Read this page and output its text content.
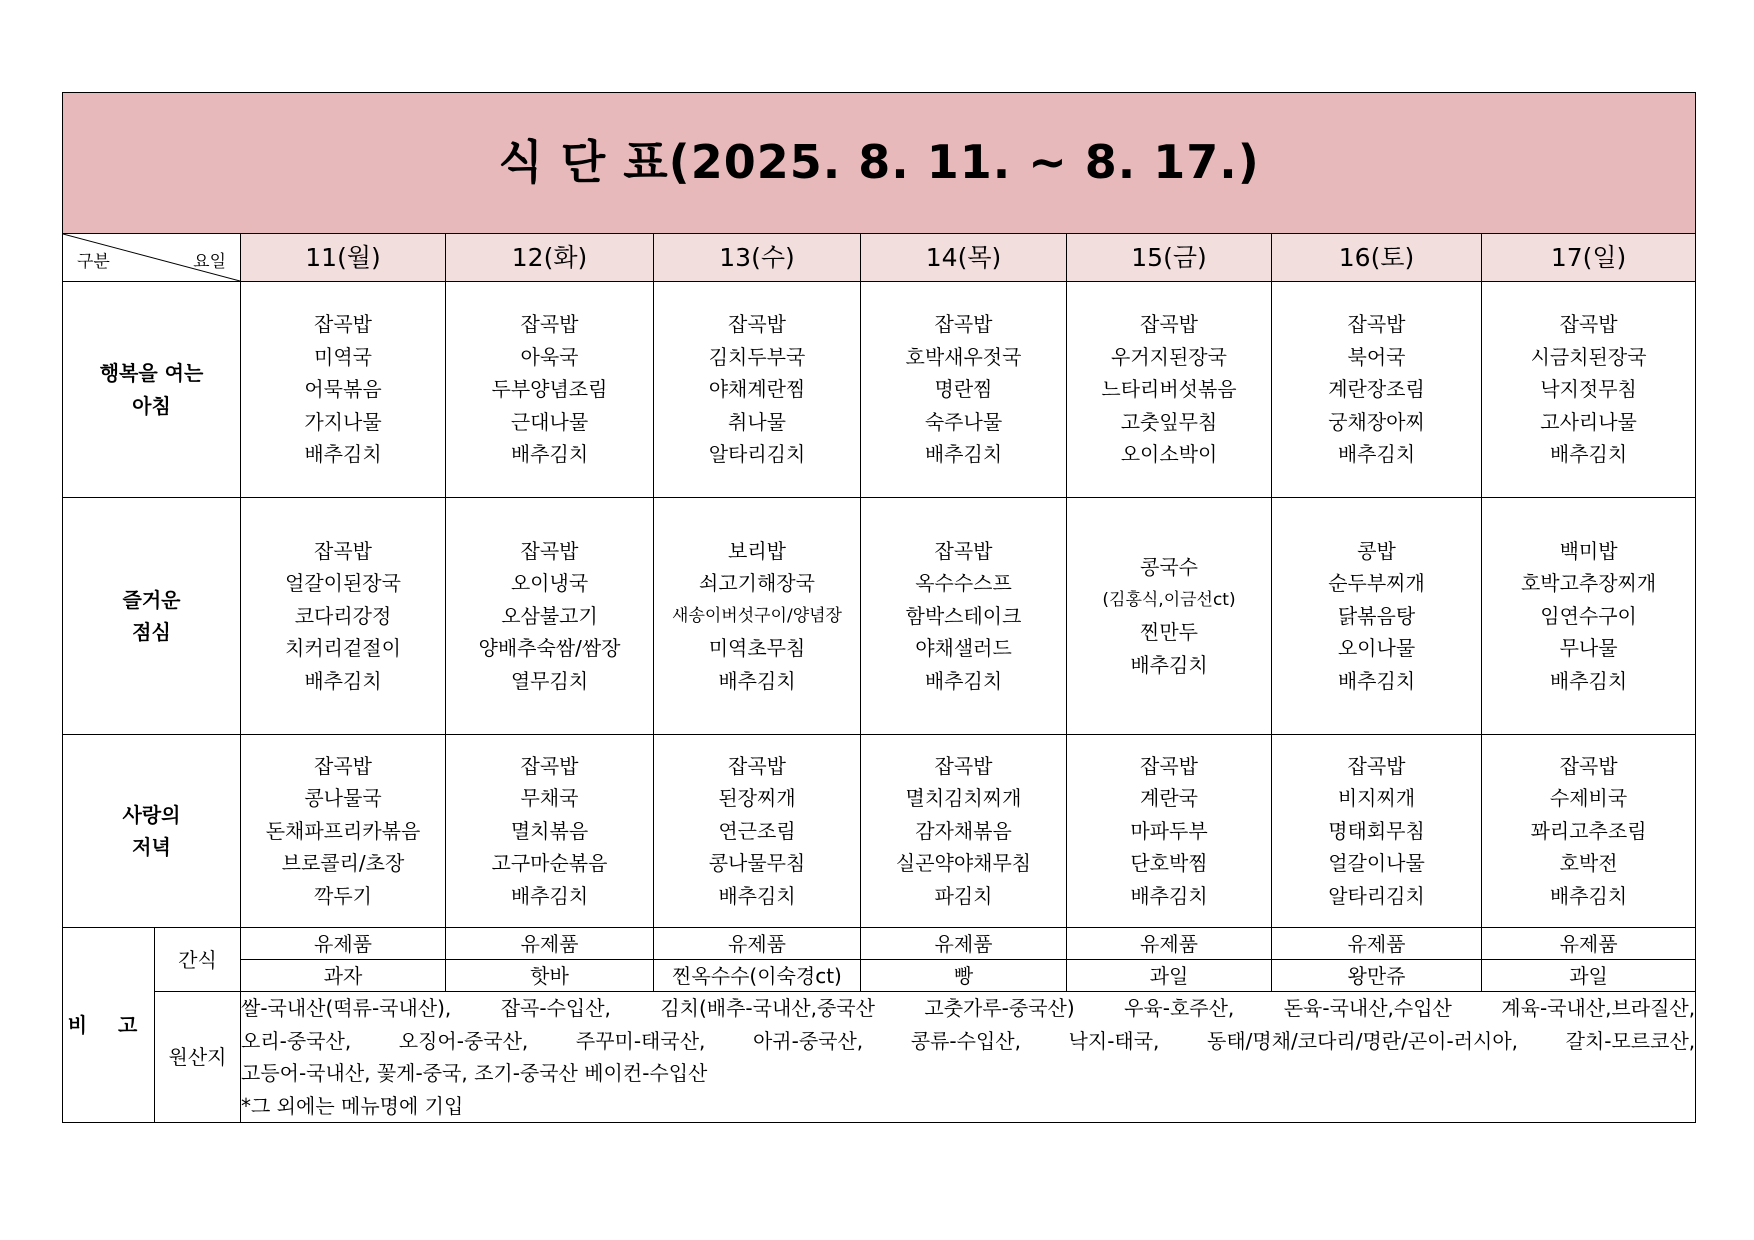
식 단 표(2025. 8. 11. ~ 8. 17.)								

구분 요일		11(월)	12(화)	13(수)	14(목)	15(금)	16(토)	17(일)

행복을 여는
아침		잡곡밥
미역국
어묵볶음
가지나물
배추김치	잡곡밥
아욱국
두부양념조림
근대나물
배추김치	잡곡밥
김치두부국
야채계란찜
취나물
알타리김치	잡곡밥
호박새우젓국
명란찜
숙주나물
배추김치	잡곡밥
우거지된장국
느타리버섯볶음
고춧잎무침
오이소박이	잡곡밥
북어국
계란장조림
궁채장아찌
배추김치	잡곡밥
시금치된장국
낙지젓무침
고사리나물
배추김치

즐거운
점심		잡곡밥
얼갈이된장국
코다리강정
치커리겉절이
배추김치	잡곡밥
오이냉국
오삼불고기
양배추숙쌈/쌈장
열무김치	보리밥
쇠고기해장국
새송이버섯구이/양념장
미역초무침
배추김치	잡곡밥
옥수수스프
함박스테이크
야채샐러드
배추김치	콩국수
(김홍식,이금선ct)
찐만두
배추김치	콩밥
순두부찌개
닭볶음탕
오이나물
배추김치	백미밥
호박고추장찌개
임연수구이
무나물
배추김치

사랑의
저녁		잡곡밥
콩나물국
돈채파프리카볶음
브로콜리/초장
깍두기	잡곡밥
무채국
멸치볶음
고구마순볶음
배추김치	잡곡밥
된장찌개
연근조림
콩나물무침
배추김치	잡곡밥
멸치김치찌개
감자채볶음
실곤약야채무침
파김치	잡곡밥
계란국
마파두부
단호박찜
배추김치	잡곡밥
비지찌개
명태회무침
얼갈이나물
알타리김치	잡곡밥
수제비국
꽈리고추조림
호박전
배추김치

비 고	간식	유제품	유제품	유제품	유제품	유제품	유제품	유제품
		과자	핫바	찐옥수수(이숙경ct)	빵	과일	왕만쥬	과일
	원산지	쌀-국내산(떡류-국내산), 잡곡-수입산, 김치(배추-국내산,중국산 고춧가루-중국산) 우육-호주산, 돈육-국내산,수입산 계육-국내산,브라질산,
오리-중국산, 오징어-중국산, 주꾸미-태국산, 아귀-중국산, 콩류-수입산, 낙지-태국, 동태/명채/코다리/명란/곤이-러시아, 갈치-모르코산,
고등어-국내산, 꽃게-중국, 조기-중국산 베이컨-수입산
*그 외에는 메뉴명에 기입						
